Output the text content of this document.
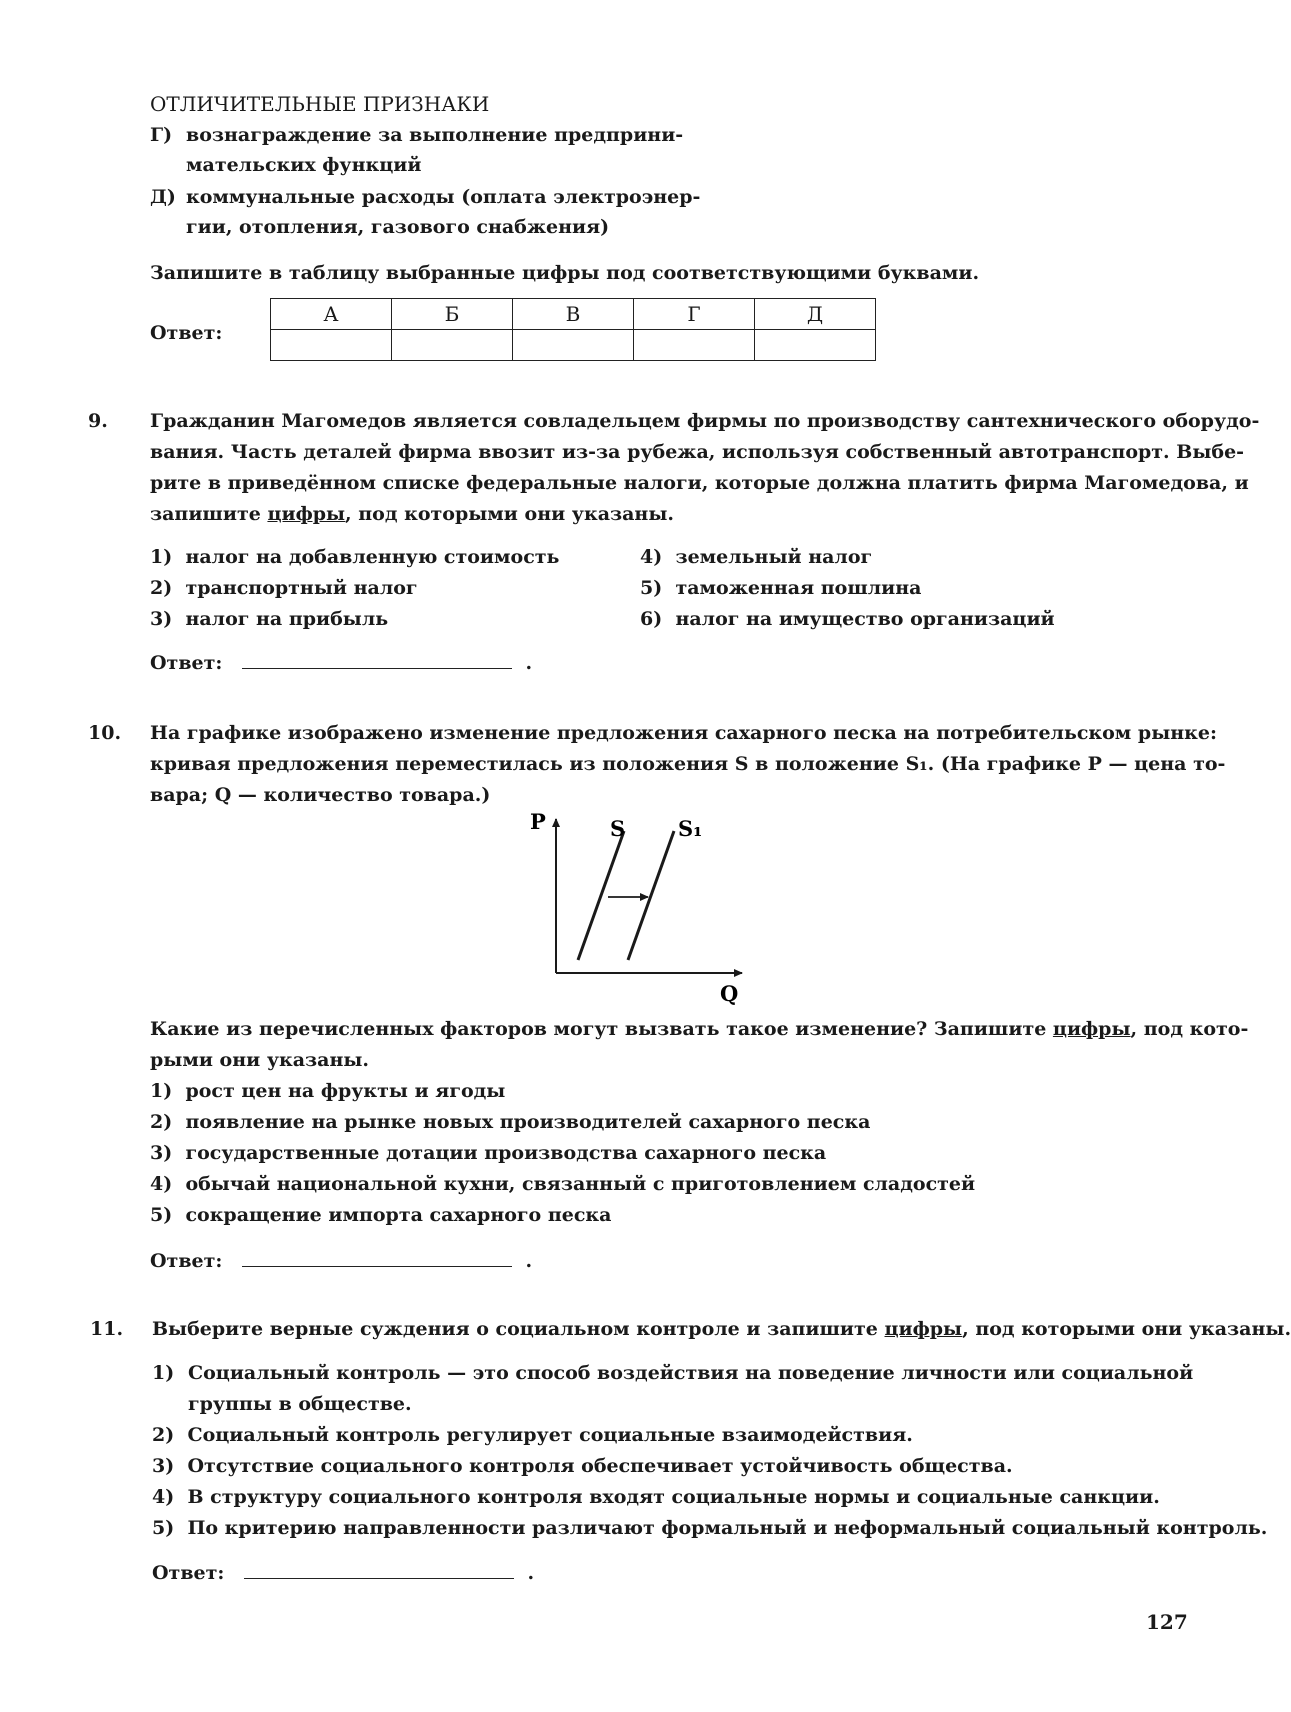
ОТЛИЧИТЕЛЬНЫЕ ПРИЗНАКИ
Г) вознаграждение за выполнение предприни-
мательских функций
Д) коммунальные расходы (оплата электроэнер-
гии, отопления, газового снабжения)
Запишите в таблицу выбранные цифры под соответствующими буквами.
Ответ:
А	Б	В	Г	Д

9. Гражданин Магомедов является совладельцем фирмы по производству сантехнического оборудо-
вания. Часть деталей фирма ввозит из-за рубежа, используя собственный автотранспорт. Выбе-
рите в приведённом списке федеральные налоги, которые должна платить фирма Магомедова, и
запишите цифры, под которыми они указаны.
1) налог на добавленную стоимость
2) транспортный налог
3) налог на прибыль
4) земельный налог
5) таможенная пошлина
6) налог на имущество организаций
Ответ:	.
10. На графике изображено изменение предложения сахарного песка на потребительском рынке:
кривая предложения переместилась из положения S в положение S₁. (На графике P — цена то-
вара; Q — количество товара.)
P
Q
S	S₁
Какие из перечисленных факторов могут вызвать такое изменение? Запишите цифры, под кото-
рыми они указаны.
1) рост цен на фрукты и ягоды
2) появление на рынке новых производителей сахарного песка
3) государственные дотации производства сахарного песка
4) обычай национальной кухни, связанный с приготовлением сладостей
5) сокращение импорта сахарного песка
Ответ:	.
11. Выберите верные суждения о социальном контроле и запишите цифры, под которыми они указаны.
1) Социальный контроль — это способ воздействия на поведение личности или социальной
группы в обществе.
2) Социальный контроль регулирует социальные взаимодействия.
3) Отсутствие социального контроля обеспечивает устойчивость общества.
4) В структуру социального контроля входят социальные нормы и социальные санкции.
5) По критерию направленности различают формальный и неформальный социальный контроль.
Ответ:	.
127
